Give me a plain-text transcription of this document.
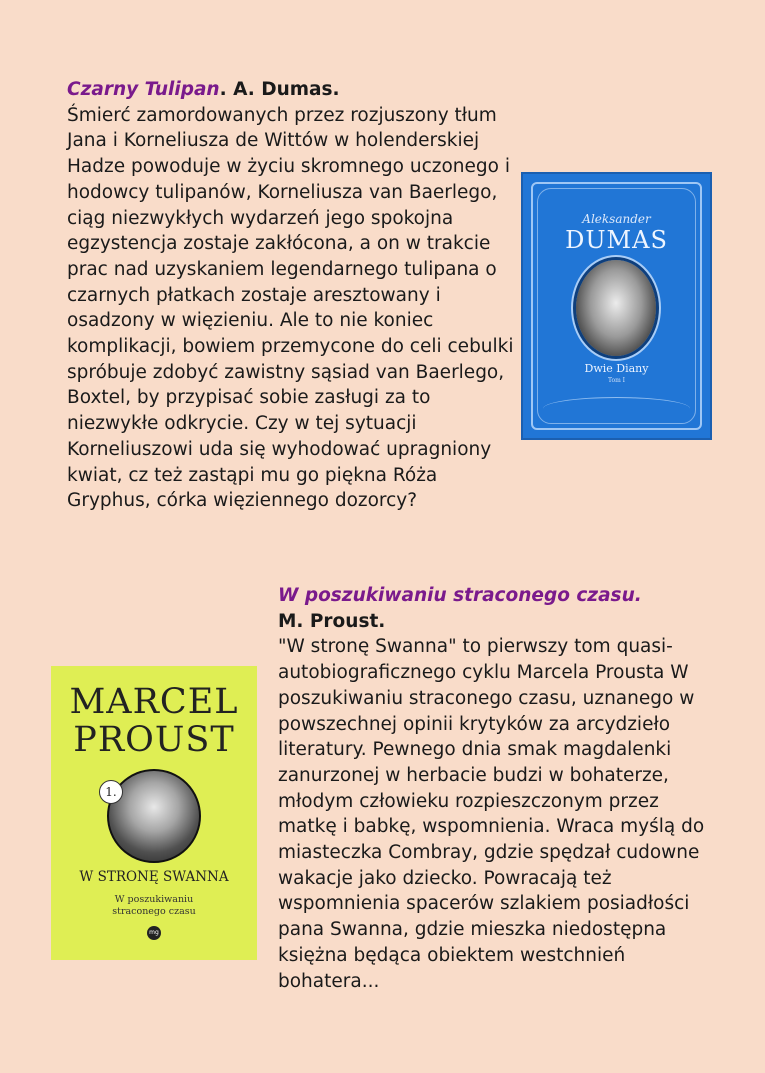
Czarny Tulipan. A. Dumas.
Śmierć zamordowanych przez rozjuszony tłum Jana i Korneliusza de Wittów w holenderskiej Hadze powoduje w życiu skromnego uczonego i hodowcy tulipanów, Korneliusza van Baerlego, ciąg niezwykłych wydarzeń jego spokojna egzystencja zostaje zakłócona, a on w trakcie prac nad uzyskaniem legendarnego tulipana o czarnych płatkach zostaje aresztowany i osadzony w więzieniu. Ale to nie koniec komplikacji, bowiem przemycone do celi cebulki spróbuje zdobyć zawistny sąsiad van Baerlego, Boxtel, by przypisać sobie zasługi za to niezwykłe odkrycie. Czy w tej sytuacji Korneliuszowi uda się wyhodować upragniony kwiat, cz też zastąpi mu go piękna Róża Gryphus, córka więziennego dozorcy?
Aleksander
DUMAS
Dwie Diany
Tom I
W poszukiwaniu straconego czasu.
M. Proust.
"W stronę Swanna" to pierwszy tom quasi-autobiograficznego cyklu Marcela Prousta W poszukiwaniu straconego czasu, uznanego w powszechnej opinii krytyków za arcydzieło literatury. Pewnego dnia smak magdalenki zanurzonej w herbacie budzi w bohaterze, młodym człowieku rozpieszczonym przez matkę i babkę, wspomnienia. Wraca myślą do miasteczka Combray, gdzie spędzał cudowne wakacje jako dziecko. Powracają też wspomnienia spacerów szlakiem posiadłości pana Swanna, gdzie mieszka niedostępna księżna będąca obiektem westchnień bohatera...
MARCEL
PROUST
1.
W STRONĘ SWANNA
W poszukiwaniu
straconego czasu
mg
